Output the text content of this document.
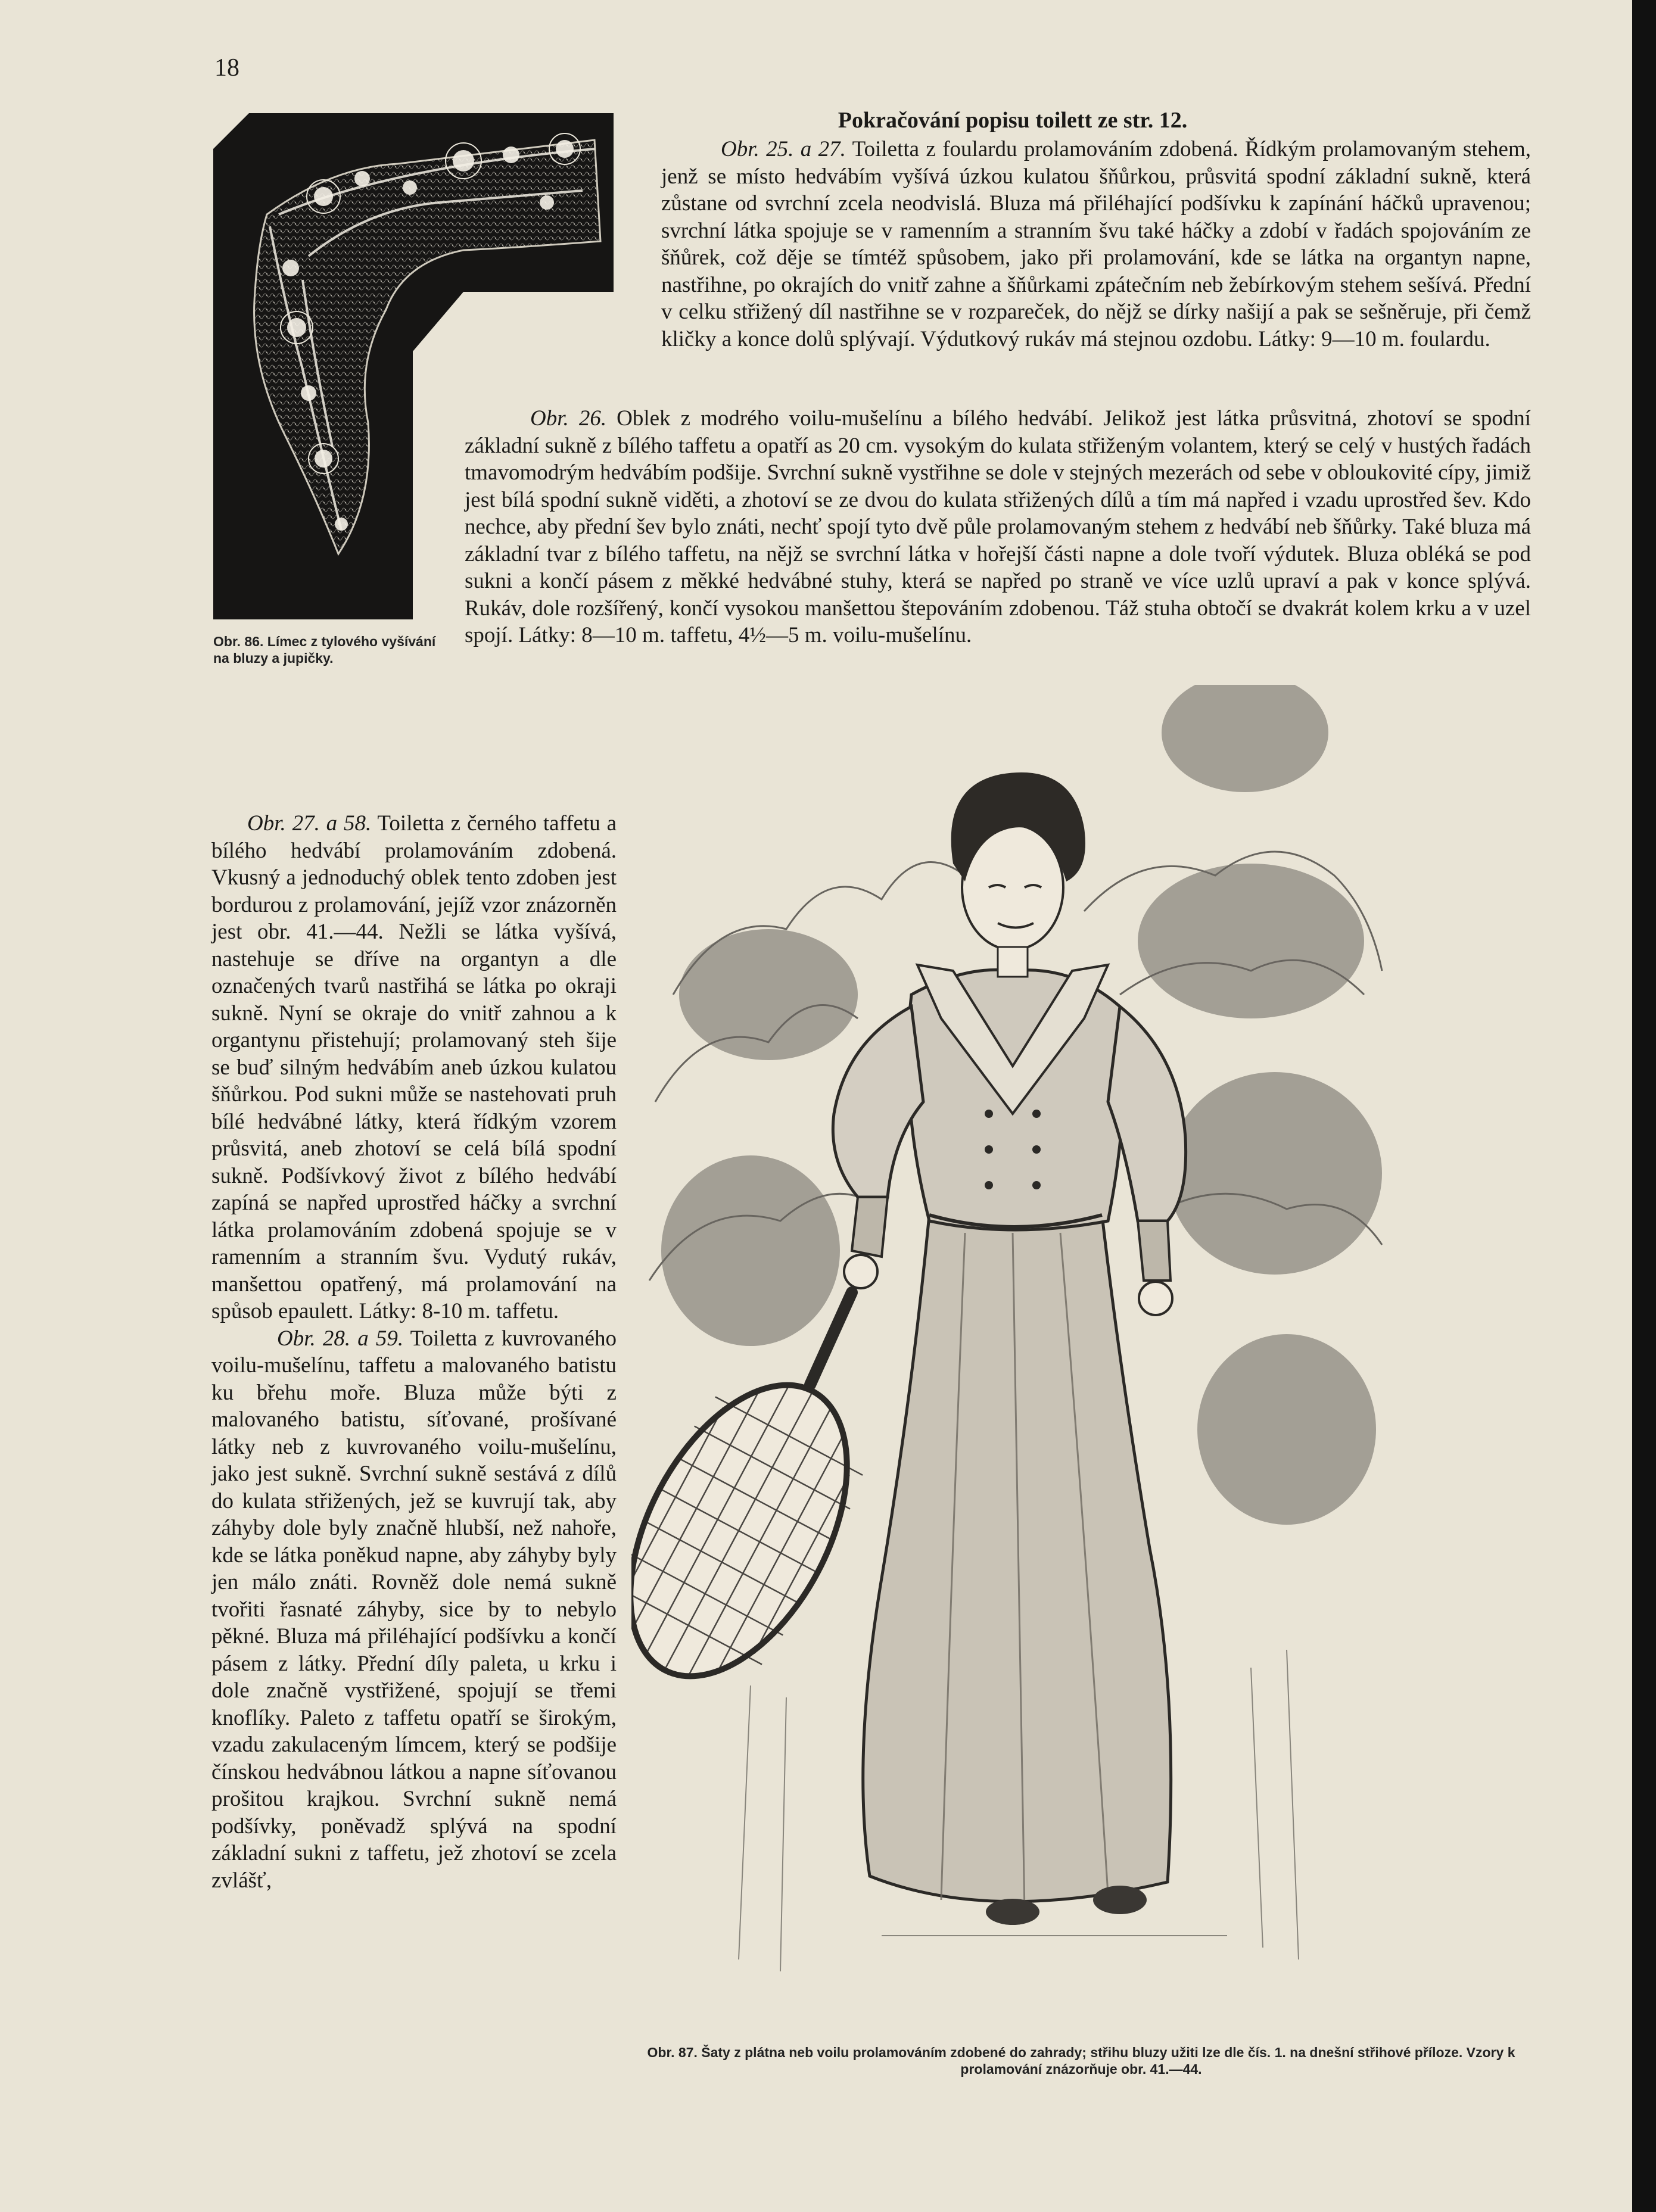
18
Obr. 86. Límec z tylového vyšívání na bluzy a jupičky.
Pokračování popisu toilett ze str. 12.

Obr. 25. a 27. Toiletta z foulardu prolamováním zdobená. Řídkým prolamovaným stehem, jenž se místo hedvábím vyšívá úzkou kulatou šňůrkou, průsvitá spodní základní sukně, která zůstane od svrchní zcela neodvislá. Bluza má přiléhající podšívku k zapínání háčků upravenou; svrchní látka spojuje se v ramenním a stranním švu také háčky a zdobí v řadách spojováním ze šňůrek, což děje se tímtéž spůsobem, jako při prolamování, kde se látka na organtyn napne, nastřihne, po okrajích do vnitř zahne a šňůrkami zpátečním neb žebírkovým stehem sešívá. Přední v celku střižený díl nastřihne se v rozpareček, do nějž se dírky našijí a pak se sešněruje, při čemž kličky a konce dolů splývají. Výdutkový rukáv má stejnou ozdobu. Látky: 9—10 m. foulardu.

Obr. 26. Oblek z modrého voilu-mušelínu a bílého hedvábí. Jelikož jest látka průsvitná, zhotoví se spodní základní sukně z bílého taffetu a opatří as 20 cm. vysokým do kulata střiženým volantem, který se celý v hustých řadách tmavomodrým hedvábím podšije. Svrchní sukně vystřihne se dole v stejných mezerách od sebe v obloukovité cípy, jimiž jest bílá spodní sukně viděti, a zhotoví se ze dvou do kulata střižených dílů a tím má napřed i vzadu uprostřed šev. Kdo nechce, aby přední šev bylo znáti, nechť spojí tyto dvě půle prolamovaným stehem z hedvábí neb šňůrky. Také bluza má základní tvar z bílého taffetu, na nějž se svrchní látka v hořejší části napne a dole tvoří výdutek. Bluza obléká se pod sukni a končí pásem z měkké hedvábné stuhy, která se napřed po straně ve více uzlů upraví a pak v konce splývá. Rukáv, dole rozšířený, končí vysokou manšettou štepováním zdobenou. Táž stuha obtočí se dvakrát kolem krku a v uzel spojí. Látky: 8—10 m. taffetu, 4½—5 m. voilu-mušelínu.

Obr. 27. a 58. Toiletta z černého taffetu a bílého hedvábí prolamováním zdobená. Vkusný a jednoduchý oblek tento zdoben jest bordurou z prolamování, jejíž vzor znázorněn jest obr. 41.—44. Nežli se látka vyšívá, nastehuje se dříve na organtyn a dle označených tvarů nastřihá se látka po okraji sukně. Nyní se okraje do vnitř zahnou a k organtynu přistehují; prolamovaný steh šije se buď silným hedvábím aneb úzkou kulatou šňůrkou. Pod sukni může se nastehovati pruh bílé hedvábné látky, která řídkým vzorem průsvitá, aneb zhotoví se celá bílá spodní sukně. Podšívkový život z bílého hedvábí zapíná se napřed uprostřed háčky a svrchní látka prolamováním zdobená spojuje se v ramenním a stranním švu. Vydutý rukáv, manšettou opatřený, má prolamování na spůsob epaulett. Látky: 8-10 m. taffetu.

Obr. 28. a 59. Toiletta z kuvrovaného voilu-mušelínu, taffetu a malovaného batistu ku břehu moře. Bluza může býti z malovaného batistu, síťované, prošívané látky neb z kuvrovaného voilu-mušelínu, jako jest sukně. Svrchní sukně sestává z dílů do kulata střižených, jež se kuvrují tak, aby záhyby dole byly značně hlubší, než nahoře, kde se látka poněkud napne, aby záhyby byly jen málo znáti. Rovněž dole nemá sukně tvořiti řasnaté záhyby, sice by to nebylo pěkné. Bluza má přiléhající podšívku a končí pásem z látky. Přední díly paleta, u krku i dole značně vystřižené, spojují se třemi knoflíky. Paleto z taffetu opatří se širokým, vzadu zakulaceným límcem, který se podšije čínskou hedvábnou látkou a napne síťovanou prošitou krajkou. Svrchní sukně nemá podšívky, poněvadž splývá na spodní základní sukni z taffetu, jež zhotoví se zcela zvlášť,

Obr. 87. Šaty z plátna neb voilu prolamováním zdobené do zahrady; střihu bluzy užiti lze dle čís. 1. na dnešní střihové příloze. Vzory k prolamování znázorňuje obr. 41.—44.
